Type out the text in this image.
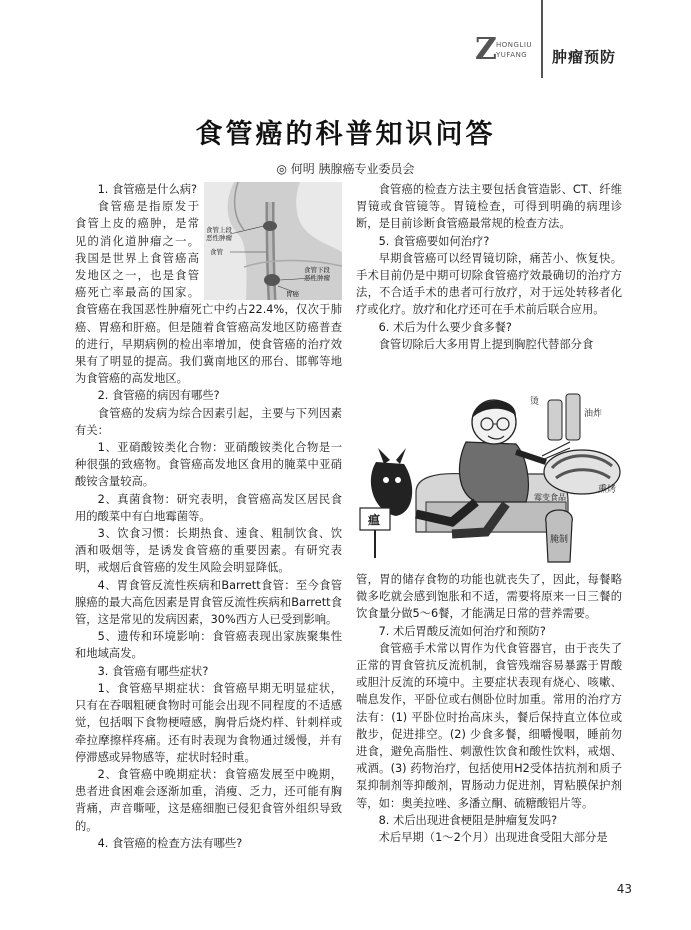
Z HONGLIU
YUFANG 肿瘤预防
食管癌的科普知识问答
◎ 何明 胰腺癌专业委员会
食管上段
恶性肿瘤
食管
食管下段
恶性肿瘤
胃癌

1. 食管癌是什么病?

食管癌是指原发于食管上皮的癌肿，是常见的消化道肿瘤之一。我国是世界上食管癌高发地区之一，也是食管癌死亡率最高的国家。食管癌在我国恶性肿瘤死亡中约占22.4%，仅次于肺癌、胃癌和肝癌。但是随着食管癌高发地区防癌普查的进行，早期病例的检出率增加，使食管癌的治疗效果有了明显的提高。我们冀南地区的邢台、邯郸等地为食管癌的高发地区。

2. 食管癌的病因有哪些?

食管癌的发病为综合因素引起，主要与下列因素有关：

1、亚硝酸铵类化合物：亚硝酸铵类化合物是一种很强的致癌物。食管癌高发地区食用的腌菜中亚硝酸铵含量较高。

2、真菌食物：研究表明，食管癌高发区居民食用的酸菜中有白地霉菌等。

3、饮食习惯：长期热食、速食、粗制饮食、饮酒和吸烟等，是诱发食管癌的重要因素。有研究表明，戒烟后食管癌的发生风险会明显降低。

4、胃食管反流性疾病和Barrett食管：至今食管腺癌的最大高危因素是胃食管反流性疾病和Barrett食管，这是常见的发病因素，30%西方人已受到影响。

5、遗传和环境影响：食管癌表现出家族聚集性和地域高发。

3. 食管癌有哪些症状?

1、食管癌早期症状：食管癌早期无明显症状，只有在吞咽粗硬食物时可能会出现不同程度的不适感觉，包括咽下食物梗噎感，胸骨后烧灼样、针刺样或牵拉摩擦样疼痛。还有时表现为食物通过缓慢，并有停滞感或异物感等，症状时轻时重。

2、食管癌中晚期症状：食管癌发展至中晚期，患者进食困难会逐渐加重，消瘦、乏力，还可能有胸背痛，声音嘶哑，这是癌细胞已侵犯食管外组织导致的。

4. 食管癌的检查方法有哪些?

食管癌的检查方法主要包括食管造影、CT、纤维胃镜或食管镜等。胃镜检查，可得到明确的病理诊断，是目前诊断食管癌最常规的检查方法。

5. 食管癌要如何治疗?

早期食管癌可以经胃镜切除，痛苦小、恢复快。手术目前仍是中期可切除食管癌疗效最确切的治疗方法，不合适手术的患者可行放疗，对于远处转移者化疗或化疗。放疗和化疗还可在手术前后联合应用。

6. 术后为什么要少食多餐?

食管切除后大多用胃上提到胸腔代替部分食

瘟
腌制
油炸
熏烤
烫
霉变食品

管，胃的储存食物的功能也就丧失了，因此，每餐略微多吃就会感到饱胀和不适，需要将原来一日三餐的饮食量分做5～6餐，才能满足日常的营养需要。

7. 术后胃酸反流如何治疗和预防?

食管癌手术常以胃作为代食管器官，由于丧失了正常的胃食管抗反流机制，食管残端容易暴露于胃酸或胆汁反流的环境中。主要症状表现有烧心、咳嗽、喘息发作，平卧位或右侧卧位时加重。常用的治疗方法有：(1) 平卧位时抬高床头，餐后保持直立体位或散步，促进排空。(2) 少食多餐，细嚼慢咽，睡前勿进食，避免高脂性、刺激性饮食和酸性饮料，戒烟、戒酒。(3) 药物治疗，包括使用H2受体拮抗剂和质子泵抑制剂等抑酸剂，胃肠动力促进剂，胃粘膜保护剂等，如：奥美拉唑、多潘立酮、硫糖酸铝片等。

8. 术后出现进食梗阻是肿瘤复发吗?

术后早期（1～2个月）出现进食受阻大部分是

43
